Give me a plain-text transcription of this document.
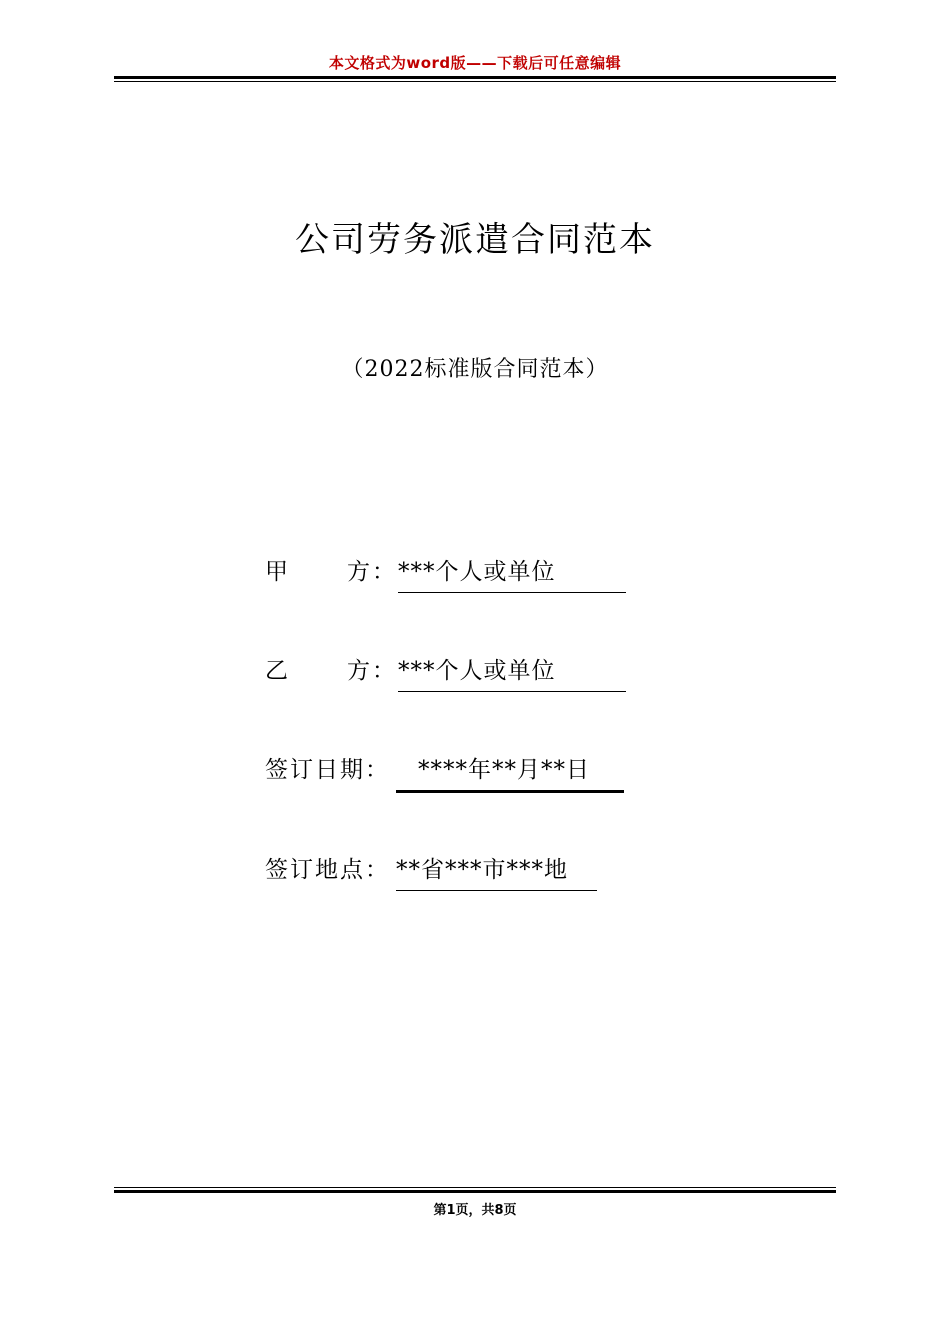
本文格式为word版——下载后可任意编辑
公司劳务派遣合同范本
（2022标准版合同范本）
甲 方： ***个人或单位
乙 方： ***个人或单位
签订日期：	****年**月**日
签订地点： **省***市***地
第1页，共8页
